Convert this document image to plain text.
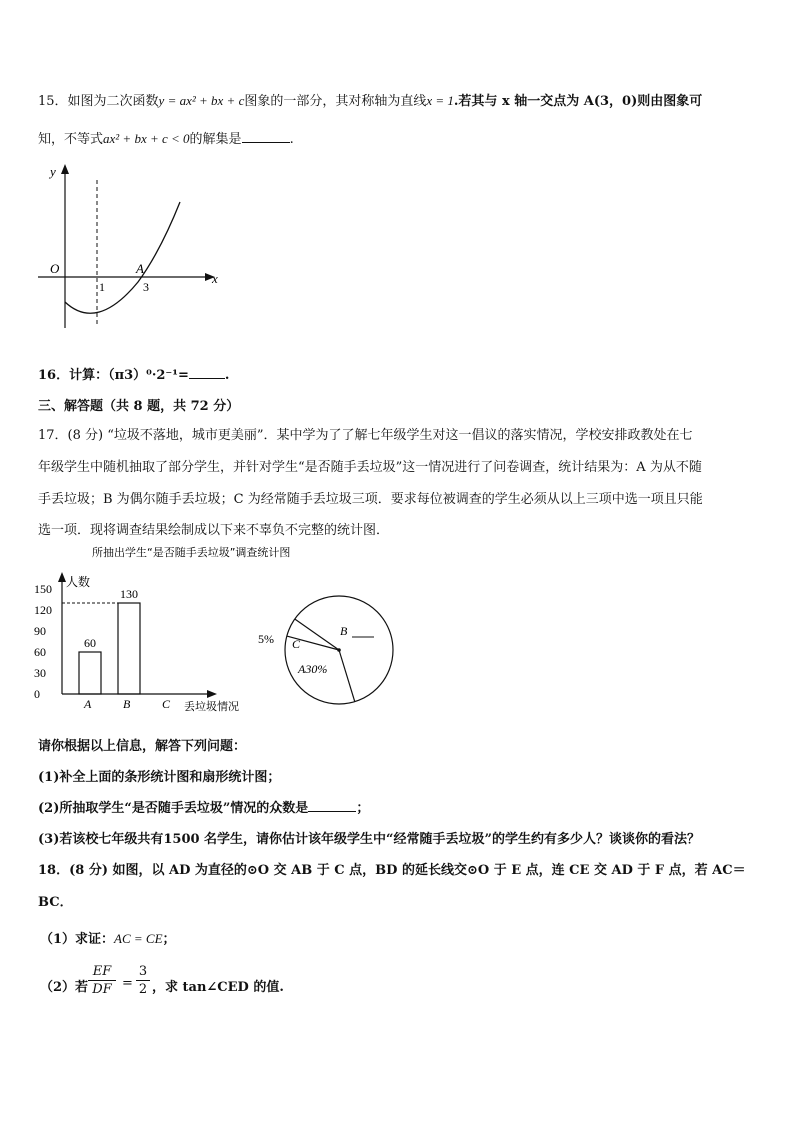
15．如图为二次函数y = ax² + bx + c图象的一部分，其对称轴为直线x = 1.若其与 x 轴一交点为 A(3，0)则由图象可
知，不等式ax² + bx + c < 0的解集是	.
y
x
O	A
1	3
16．计算：（π3）⁰·2⁻¹=	.
三、解答题（共 8 题，共 72 分）
17．(8 分) “垃圾不落地，城市更美丽”．某中学为了了解七年级学生对这一倡议的落实情况，学校安排政教处在七
年级学生中随机抽取了部分学生，并针对学生“是否随手丢垃圾”这一情况进行了问卷调查，统计结果为：A 为从不随
手丢垃圾；B 为偶尔随手丢垃圾；C 为经常随手丢垃圾三项．要求每位被调查的学生必须从以上三项中选一项且只能
选一项．现将调查结果绘制成以下来不辜负不完整的统计图．
所抽出学生“是否随手丢垃圾”调查统计图
人数
丢垃圾情况
0
30
60
90
120
150
A
60
B
130
C
A30%
B
C
5%
请你根据以上信息，解答下列问题：
(1)补全上面的条形统计图和扇形统计图；
(2)所抽取学生“是否随手丢垃圾”情况的众数是	；
(3)若该校七年级共有1500 名学生，请你估计该年级学生中“经常随手丢垃圾”的学生约有多少人？谈谈你的看法？
18．(8 分) 如图，以 AD 为直径的⊙O 交 AB 于 C 点，BD 的延长线交⊙O 于 E 点，连 CE 交 AD 于 F 点，若 AC＝
BC．
（1）求证：AC = CE；
（2）若
EF
DF =
3
2 ，求 tan∠CED 的值.
